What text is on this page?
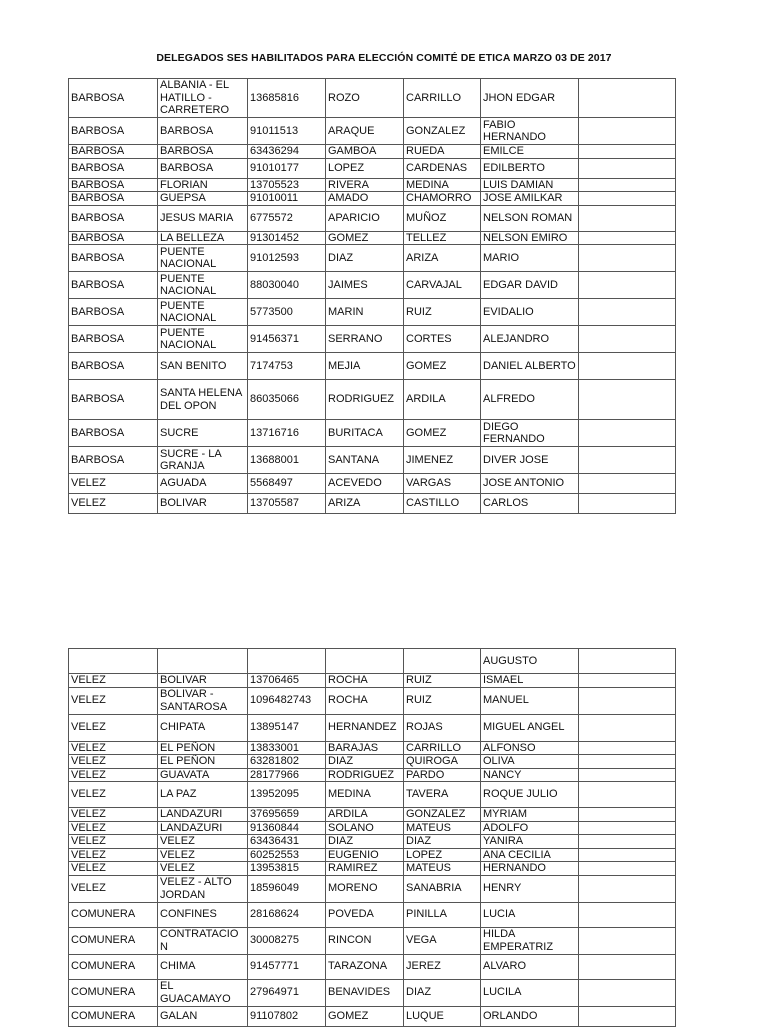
DELEGADOS SES HABILITADOS PARA ELECCIÓN COMITÉ DE ETICA MARZO 03 DE 2017
BARBOSA	ALBANIA - EL HATILLO - CARRETERO	13685816	ROZO	CARRILLO	JHON EDGAR	
BARBOSA	BARBOSA	91011513	ARAQUE	GONZALEZ	FABIO HERNANDO	
BARBOSA	BARBOSA	63436294	GAMBOA	RUEDA	EMILCE	
BARBOSA	BARBOSA	91010177	LOPEZ	CARDENAS	EDILBERTO	
BARBOSA	FLORIAN	13705523	RIVERA	MEDINA	LUIS DAMIAN	
BARBOSA	GUEPSA	91010011	AMADO	CHAMORRO	JOSE AMILKAR	
BARBOSA	JESUS MARIA	6775572	APARICIO	MUÑOZ	NELSON ROMAN	
BARBOSA	LA BELLEZA	91301452	GOMEZ	TELLEZ	NELSON EMIRO	
BARBOSA	PUENTE NACIONAL	91012593	DIAZ	ARIZA	MARIO	
BARBOSA	PUENTE NACIONAL	88030040	JAIMES	CARVAJAL	EDGAR DAVID	
BARBOSA	PUENTE NACIONAL	5773500	MARIN	RUIZ	EVIDALIO	
BARBOSA	PUENTE NACIONAL	91456371	SERRANO	CORTES	ALEJANDRO	
BARBOSA	SAN BENITO	7174753	MEJIA	GOMEZ	DANIEL ALBERTO	
BARBOSA	SANTA HELENA DEL OPON	86035066	RODRIGUEZ	ARDILA	ALFREDO	
BARBOSA	SUCRE	13716716	BURITACA	GOMEZ	DIEGO FERNANDO	
BARBOSA	SUCRE - LA GRANJA	13688001	SANTANA	JIMENEZ	DIVER JOSE	
VELEZ	AGUADA	5568497	ACEVEDO	VARGAS	JOSE ANTONIO	
VELEZ	BOLIVAR	13705587	ARIZA	CASTILLO	CARLOS	
					AUGUSTO	
VELEZ	BOLIVAR	13706465	ROCHA	RUIZ	ISMAEL	
VELEZ	BOLIVAR - SANTAROSA	1096482743	ROCHA	RUIZ	MANUEL	
VELEZ	CHIPATA	13895147	HERNANDEZ	ROJAS	MIGUEL ANGEL	
VELEZ	EL PEÑON	13833001	BARAJAS	CARRILLO	ALFONSO	
VELEZ	EL PEÑON	63281802	DIAZ	QUIROGA	OLIVA	
VELEZ	GUAVATA	28177966	RODRIGUEZ	PARDO	NANCY	
VELEZ	LA PAZ	13952095	MEDINA	TAVERA	ROQUE JULIO	
VELEZ	LANDAZURI	37695659	ARDILA	GONZALEZ	MYRIAM	
VELEZ	LANDAZURI	91360844	SOLANO	MATEUS	ADOLFO	
VELEZ	VELEZ	63436431	DIAZ	DIAZ	YANIRA	
VELEZ	VELEZ	60252553	EUGENIO	LOPEZ	ANA CECILIA	
VELEZ	VELEZ	13953815	RAMIREZ	MATEUS	HERNANDO	
VELEZ	VELEZ - ALTO JORDAN	18596049	MORENO	SANABRIA	HENRY	
COMUNERA	CONFINES	28168624	POVEDA	PINILLA	LUCIA	
COMUNERA	CONTRATACION	30008275	RINCON	VEGA	HILDA EMPERATRIZ	
COMUNERA	CHIMA	91457771	TARAZONA	JEREZ	ALVARO	
COMUNERA	EL GUACAMAYO	27964971	BENAVIDES	DIAZ	LUCILA	
COMUNERA	GALAN	91107802	GOMEZ	LUQUE	ORLANDO	
